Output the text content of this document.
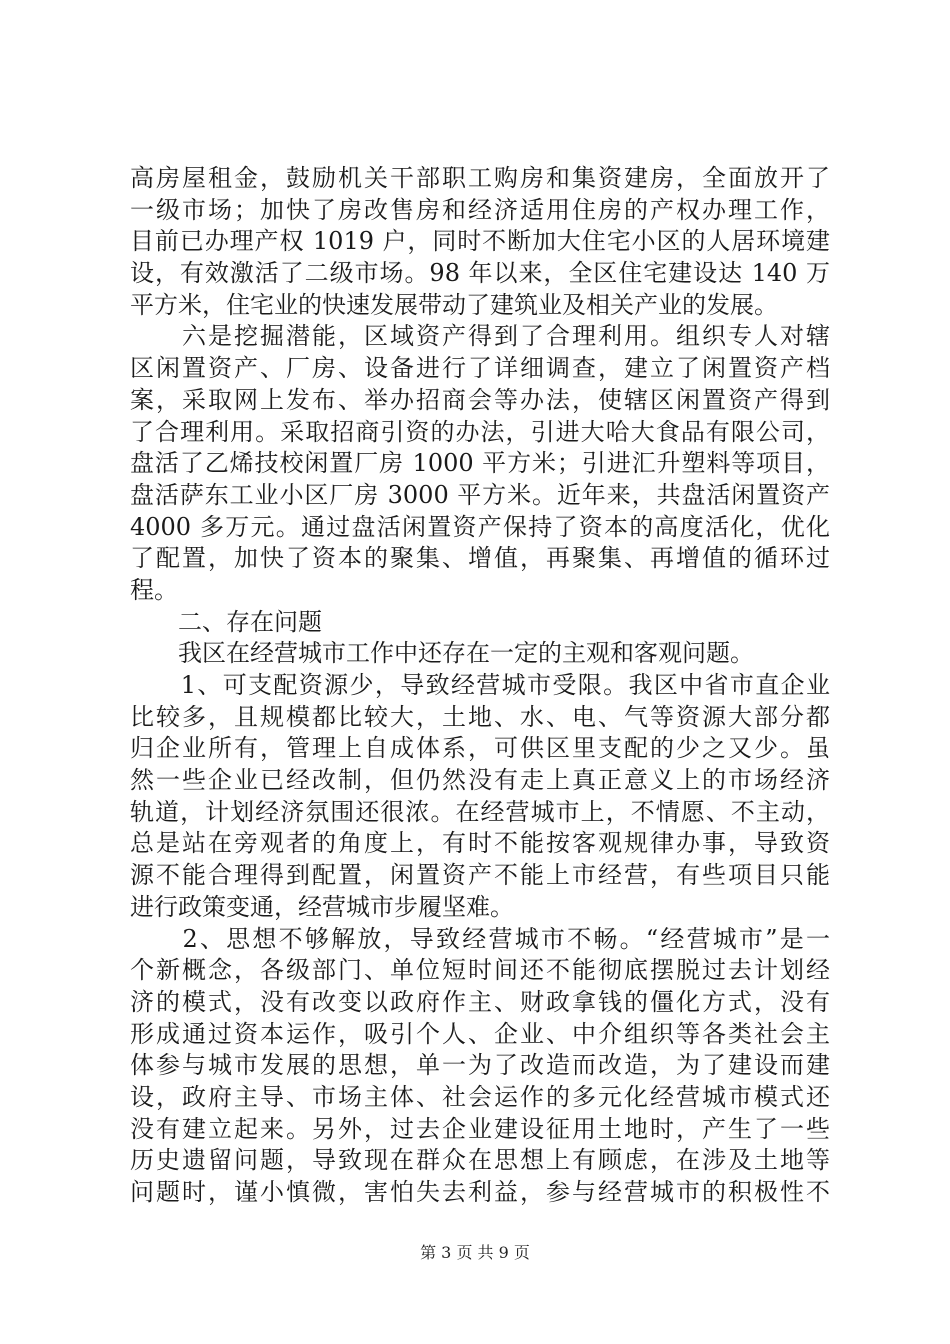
高房屋租金，鼓励机关干部职工购房和集资建房，全面放开了
一级市场；加快了房改售房和经济适用住房的产权办理工作，
目前已办理产权 1019 户，同时不断加大住宅小区的人居环境建
设，有效激活了二级市场。98 年以来，全区住宅建设达 140 万
平方米，住宅业的快速发展带动了建筑业及相关产业的发展。
　　六是挖掘潜能，区域资产得到了合理利用。组织专人对辖
区闲置资产、厂房、设备进行了详细调查，建立了闲置资产档
案，采取网上发布、举办招商会等办法，使辖区闲置资产得到
了合理利用。采取招商引资的办法，引进大哈大食品有限公司，
盘活了乙烯技校闲置厂房 1000 平方米；引进汇升塑料等项目，
盘活萨东工业小区厂房 3000 平方米。近年来，共盘活闲置资产
4000 多万元。通过盘活闲置资产保持了资本的高度活化，优化
了配置，加快了资本的聚集、增值，再聚集、再增值的循环过
程。
　　二、存在问题
　　我区在经营城市工作中还存在一定的主观和客观问题。
　　1、可支配资源少，导致经营城市受限。我区中省市直企业
比较多，且规模都比较大，土地、水、电、气等资源大部分都
归企业所有，管理上自成体系，可供区里支配的少之又少。虽
然一些企业已经改制，但仍然没有走上真正意义上的市场经济
轨道，计划经济氛围还很浓。在经营城市上，不情愿、不主动，
总是站在旁观者的角度上，有时不能按客观规律办事，导致资
源不能合理得到配置，闲置资产不能上市经营，有些项目只能
进行政策变通，经营城市步履坚难。
　　2、思想不够解放，导致经营城市不畅。“经营城市”是一
个新概念，各级部门、单位短时间还不能彻底摆脱过去计划经
济的模式，没有改变以政府作主、财政拿钱的僵化方式，没有
形成通过资本运作，吸引个人、企业、中介组织等各类社会主
体参与城市发展的思想，单一为了改造而改造，为了建设而建
设，政府主导、市场主体、社会运作的多元化经营城市模式还
没有建立起来。另外，过去企业建设征用土地时，产生了一些
历史遗留问题，导致现在群众在思想上有顾虑，在涉及土地等
问题时，谨小慎微，害怕失去利益，参与经营城市的积极性不
第 3 页 共 9 页
